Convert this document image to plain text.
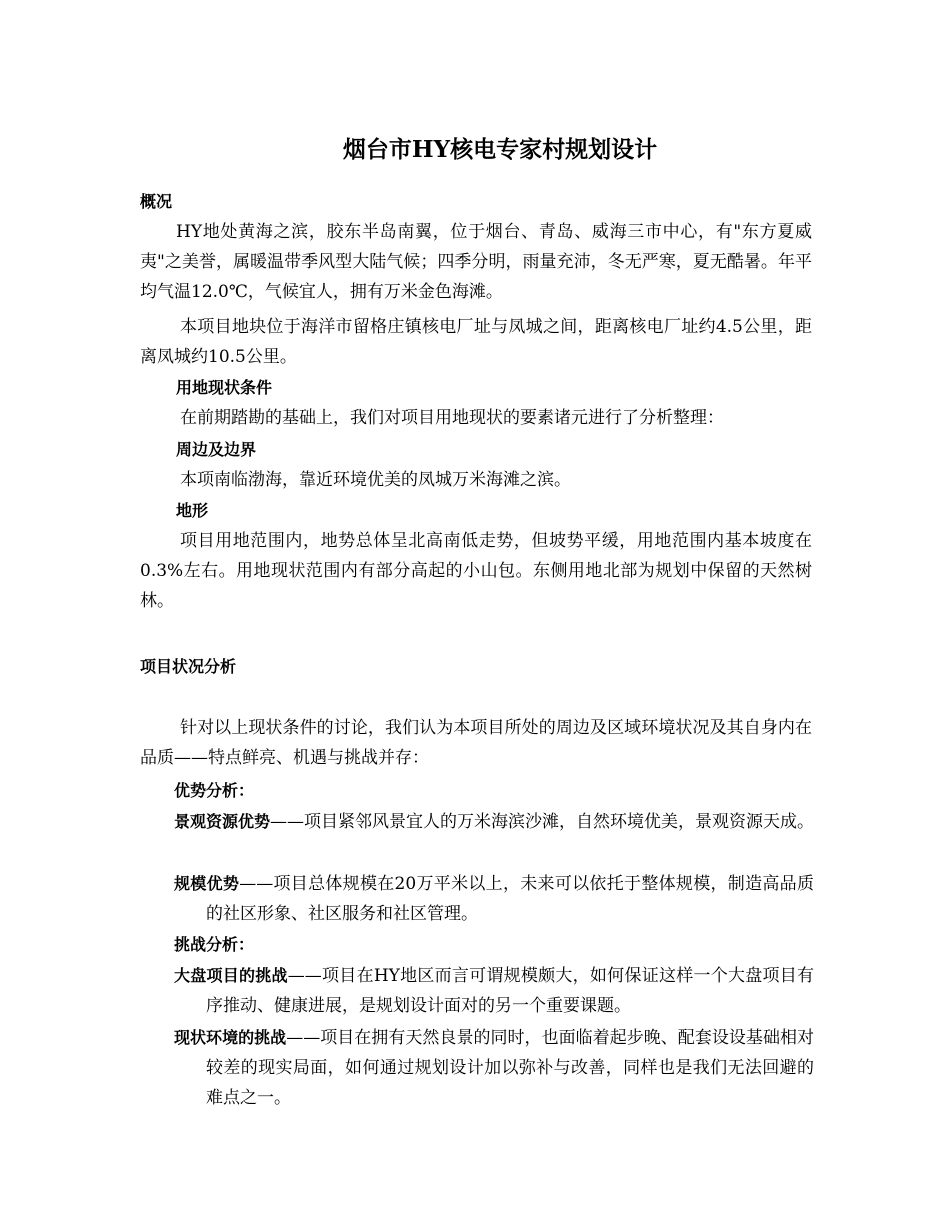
烟台市HY核电专家村规划设计
概况
HY地处黄海之滨，胶东半岛南翼，位于烟台、青岛、威海三市中心，有"东方夏威夷"之美誉，属暖温带季风型大陆气候；四季分明，雨量充沛，冬无严寒，夏无酷暑。年平均气温12.0℃，气候宜人，拥有万米金色海滩。
本项目地块位于海洋市留格庄镇核电厂址与凤城之间，距离核电厂址约4.5公里，距离凤城约10.5公里。
用地现状条件
在前期踏勘的基础上，我们对项目用地现状的要素诸元进行了分析整理：
周边及边界
本项南临渤海，靠近环境优美的凤城万米海滩之滨。
地形
项目用地范围内，地势总体呈北高南低走势，但坡势平缓，用地范围内基本坡度在0.3%左右。用地现状范围内有部分高起的小山包。东侧用地北部为规划中保留的天然树林。
项目状况分析
针对以上现状条件的讨论，我们认为本项目所处的周边及区域环境状况及其自身内在品质——特点鲜亮、机遇与挑战并存：
优势分析：
景观资源优势——项目紧邻风景宜人的万米海滨沙滩，自然环境优美，景观资源天成。
规模优势——项目总体规模在20万平米以上，未来可以依托于整体规模，制造高品质的社区形象、社区服务和社区管理。
挑战分析：
大盘项目的挑战——项目在HY地区而言可谓规模颇大，如何保证这样一个大盘项目有序推动、健康进展，是规划设计面对的另一个重要课题。
现状环境的挑战——项目在拥有天然良景的同时，也面临着起步晚、配套设设基础相对较差的现实局面，如何通过规划设计加以弥补与改善，同样也是我们无法回避的难点之一。
